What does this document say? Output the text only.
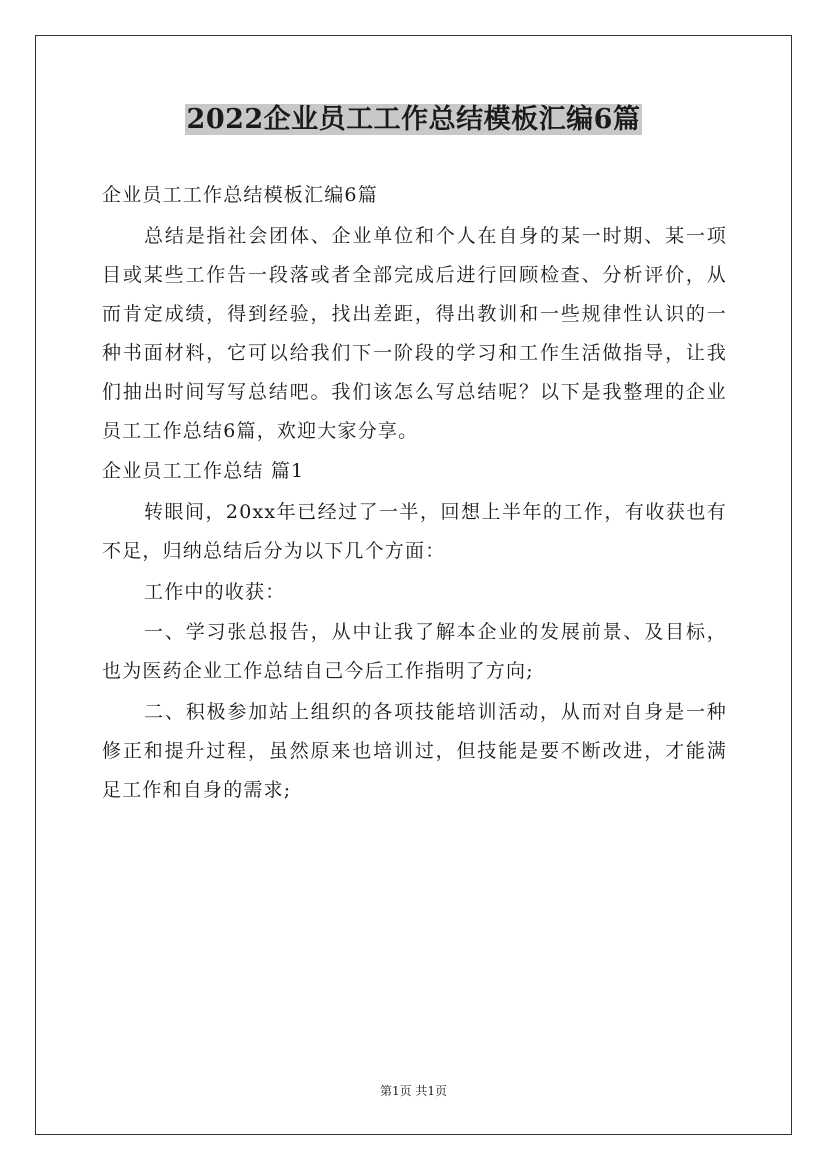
2022企业员工工作总结模板汇编6篇

企业员工工作总结模板汇编6篇

总结是指社会团体、企业单位和个人在自身的某一时期、某一项目或某些工作告一段落或者全部完成后进行回顾检查、分析评价，从而肯定成绩，得到经验，找出差距，得出教训和一些规律性认识的一种书面材料，它可以给我们下一阶段的学习和工作生活做指导，让我们抽出时间写写总结吧。我们该怎么写总结呢？以下是我整理的企业员工工作总结6篇，欢迎大家分享。

企业员工工作总结 篇1

转眼间，20xx年已经过了一半，回想上半年的工作，有收获也有不足，归纳总结后分为以下几个方面：

工作中的收获：

一、学习张总报告，从中让我了解本企业的发展前景、及目标，也为医药企业工作总结自己今后工作指明了方向;

二、积极参加站上组织的各项技能培训活动，从而对自身是一种修正和提升过程，虽然原来也培训过，但技能是要不断改进，才能满足工作和自身的需求;

第1页 共1页
